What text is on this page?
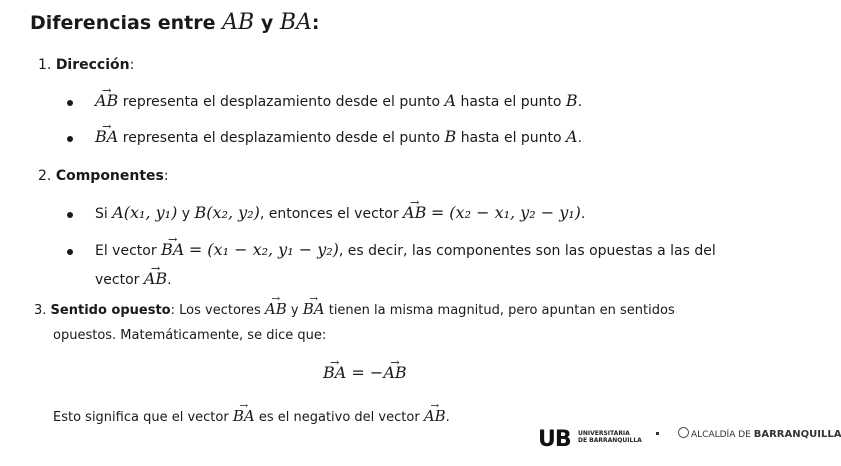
Diferencias entre AB y BA:
1. Dirección:
→ AB representa el desplazamiento desde el punto A hasta el punto B.
→ BA representa el desplazamiento desde el punto B hasta el punto A.
2. Componentes:
Si A(x₁, y₁) y B(x₂, y₂), entonces el vector → AB = (x₂ − x₁, y₂ − y₁).
El vector → BA = (x₁ − x₂, y₁ − y₂), es decir, las componentes son las opuestas a las del
vector → AB.
3. Sentido opuesto: Los vectores → AB y → BA tienen la misma magnitud, pero apuntan en sentidos
opuestos. Matemáticamente, se dice que:
→ BA = −→ AB
Esto significa que el vector → BA es el negativo del vector → AB.
UB UNIVERSITARIA
DE BARRANQUILLA
ALCALDÍA DE BARRANQUILLA
